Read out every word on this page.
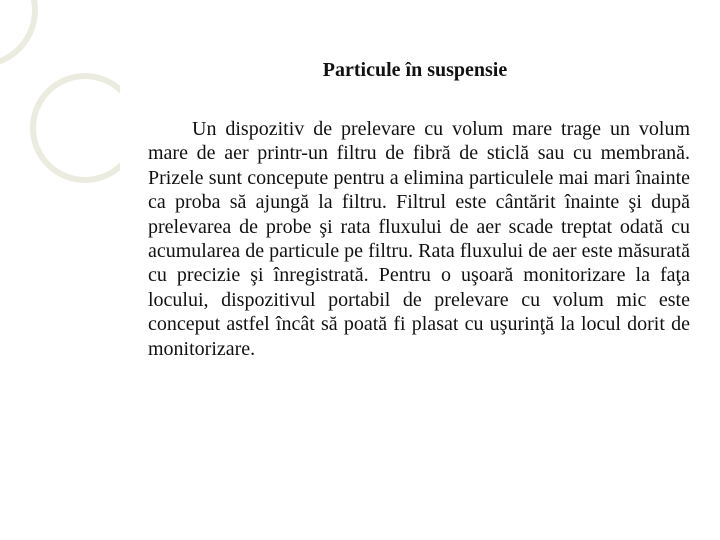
Particule în suspensie

Un dispozitiv de prelevare cu volum mare trage un volum mare de aer printr-un filtru de fibră de sticlă sau cu membrană. Prizele sunt concepute pentru a elimina particulele mai mari înainte ca proba să ajungă la filtru. Filtrul este cântărit înainte şi după prelevarea de probe şi rata fluxului de aer scade treptat odată cu acumularea de particule pe filtru. Rata fluxului de aer este măsurată cu precizie şi înregistrată. Pentru o uşoară monitorizare la faţa locului, dispozitivul portabil de prelevare cu volum mic este conceput astfel încât să poată fi plasat cu uşurinţă la locul dorit de monitorizare.
